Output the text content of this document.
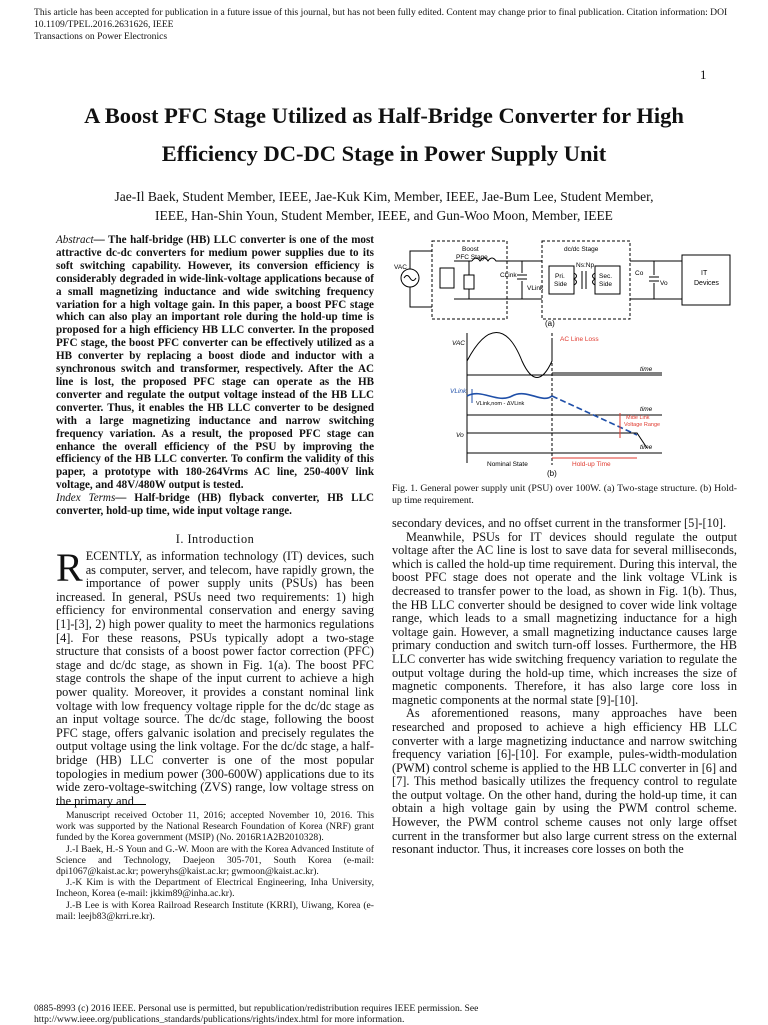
This article has been accepted for publication in a future issue of this journal, but has not been fully edited. Content may change prior to final publication. Citation information: DOI 10.1109/TPEL.2016.2631626, IEEE
Transactions on Power Electronics
1
A Boost PFC Stage Utilized as Half-Bridge Converter for High
Efficiency DC-DC Stage in Power Supply Unit
Jae-Il Baek, Student Member, IEEE, Jae-Kuk Kim, Member, IEEE, Jae-Bum Lee, Student Member,
IEEE, Han-Shin Youn, Student Member, IEEE, and Gun-Woo Moon, Member, IEEE
Abstract— The half-bridge (HB) LLC converter is one of the most attractive dc-dc converters for medium power supplies due to its soft switching capability. However, its conversion efficiency is considerably degraded in wide-link-voltage applications because of a small magnetizing inductance and wide switching frequency variation for a high voltage gain. In this paper, a boost PFC stage which can also play an important role during the hold-up time is proposed for a high efficiency HB LLC converter. In the proposed PFC stage, the boost PFC converter can be effectively utilized as a HB converter by replacing a boost diode and inductor with a synchronous switch and transformer, respectively. After the AC line is lost, the proposed PFC stage can operate as the HB converter and regulate the output voltage instead of the HB LLC converter. Thus, it enables the HB LLC converter to be designed with a large magnetizing inductance and narrow switching frequency variation. As a result, the proposed PFC stage can enhance the overall efficiency of the PSU by improving the efficiency of the HB LLC converter. To confirm the validity of this paper, a prototype with 180-264Vrms AC line, 250-400V link voltage, and 48V/480W output is tested.
Index Terms— Half-bridge (HB) flyback converter, HB LLC converter, hold-up time, wide input voltage range.
I. Introduction
RECENTLY, as information technology (IT) devices, such as computer, server, and telecom, have rapidly grown, the importance of power supply units (PSUs) has been increased. In general, PSUs need two requirements: 1) high efficiency for environmental conservation and energy saving [1]-[3], 2) high power quality to meet the harmonics regulations [4]. For these reasons, PSUs typically adopt a two-stage structure that consists of a boost power factor correction (PFC) stage and dc/dc stage, as shown in Fig. 1(a). The boost PFC stage controls the shape of the input current to achieve a high power quality. Moreover, it provides a constant nominal link voltage with low frequency voltage ripple for the dc/dc stage as an input voltage source. The dc/dc stage, following the boost PFC stage, offers galvanic isolation and precisely regulates the output voltage using the link voltage. For the dc/dc stage, a half-bridge (HB) LLC converter is one of the most popular topologies in medium power (300-600W) applications due to its wide zero-voltage-switching (ZVS) range, low voltage stress on the primary and

Manuscript received October 11, 2016; accepted November 10, 2016. This work was supported by the National Research Foundation of Korea (NRF) grant funded by the Korea government (MSIP) (No. 2016R1A2B2010328).

J.-I Baek, H.-S Youn and G.-W. Moon are with the Korea Advanced Institute of Science and Technology, Daejeon 305-701, South Korea (e-mail: dpi1067@kaist.ac.kr; poweryhs@kaist.ac.kr; gwmoon@kaist.ac.kr).

J.-K Kim is with the Department of Electrical Engineering, Inha University, Incheon, Korea (e-mail: jkkim89@inha.ac.kr).

J.-B Lee is with Korea Railroad Research Institute (KRRI), Uiwang, Korea (e-mail: leejb83@krri.re.kr).

VAC
Boost
PFC Stage
dc/dc Stage
Pri.
Side
Sec.
Side
Ns:Np
CLink
VLink
Co
Vo
IT
Devices
(a)
VAC
AC Line Loss
time
VLink
VLink,nom - ΔVLink
Mide Link
Voltage Range
time
Vo
time
Nominal State	Hold-up Time
(b)
Fig. 1. General power supply unit (PSU) over 100W. (a) Two-stage structure. (b) Hold-up time requirement.

secondary devices, and no offset current in the transformer [5]-[10].

Meanwhile, PSUs for IT devices should regulate the output voltage after the AC line is lost to save data for several milliseconds, which is called the hold-up time requirement. During this interval, the boost PFC stage does not operate and the link voltage VLink is decreased to transfer power to the load, as shown in Fig. 1(b). Thus, the HB LLC converter should be designed to cover wide link voltage range, which leads to a small magnetizing inductance for a high voltage gain. However, a small magnetizing inductance causes large primary conduction and switch turn-off losses. Furthermore, the HB LLC converter has wide switching frequency variation to regulate the output voltage during the hold-up time, which increases the size of magnetic components. Therefore, it has also large core loss in magnetic components at the normal state [9]-[10].

As aforementioned reasons, many approaches have been researched and proposed to achieve a high efficiency HB LLC converter with a large magnetizing inductance and narrow switching frequency variation [6]-[10]. For example, pules-width-modulation (PWM) control scheme is applied to the HB LLC converter in [6] and [7]. This method basically utilizes the frequency control to regulate the output voltage. On the other hand, during the hold-up time, it can obtain a high voltage gain by using the PWM control scheme. However, the PWM control scheme causes not only large offset current in the transformer but also large current stress on the external resonant inductor. Thus, it increases core losses on both the

0885-8993 (c) 2016 IEEE. Personal use is permitted, but republication/redistribution requires IEEE permission. See http://www.ieee.org/publications_standards/publications/rights/index.html for more information.
